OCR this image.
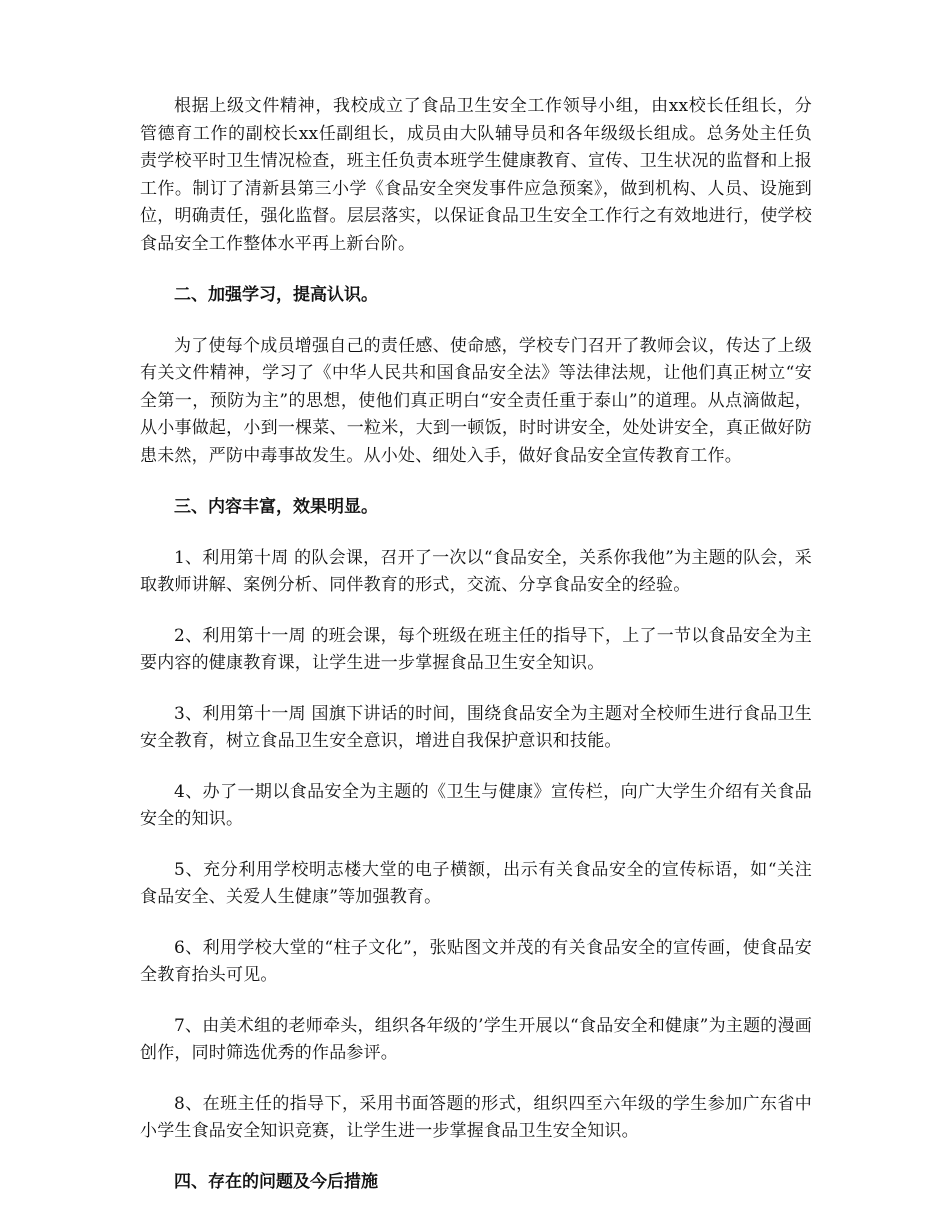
根据上级文件精神，我校成立了食品卫生安全工作领导小组，由xx校长任组长，分管德育工作的副校长xx任副组长，成员由大队辅导员和各年级级长组成。总务处主任负责学校平时卫生情况检查，班主任负责本班学生健康教育、宣传、卫生状况的监督和上报工作。制订了清新县第三小学《食品安全突发事件应急预案》，做到机构、人员、设施到位，明确责任，强化监督。层层落实，以保证食品卫生安全工作行之有效地进行，使学校食品安全工作整体水平再上新台阶。

二、加强学习，提高认识。

为了使每个成员增强自己的责任感、使命感，学校专门召开了教师会议，传达了上级有关文件精神，学习了《中华人民共和国食品安全法》等法律法规，让他们真正树立“安全第一，预防为主”的思想，使他们真正明白“安全责任重于泰山”的道理。从点滴做起，从小事做起，小到一棵菜、一粒米，大到一顿饭，时时讲安全，处处讲安全，真正做好防患未然，严防中毒事故发生。从小处、细处入手，做好食品安全宣传教育工作。

三、内容丰富，效果明显。

1、利用第十周 的队会课，召开了一次以“食品安全，关系你我他”为主题的队会，采取教师讲解、案例分析、同伴教育的形式，交流、分享食品安全的经验。

2、利用第十一周 的班会课，每个班级在班主任的指导下，上了一节以食品安全为主要内容的健康教育课，让学生进一步掌握食品卫生安全知识。

3、利用第十一周 国旗下讲话的时间，围绕食品安全为主题对全校师生进行食品卫生安全教育，树立食品卫生安全意识，增进自我保护意识和技能。

4、办了一期以食品安全为主题的《卫生与健康》宣传栏，向广大学生介绍有关食品安全的知识。

5、充分利用学校明志楼大堂的电子横额，出示有关食品安全的宣传标语，如“关注食品安全、关爱人生健康”等加强教育。

6、利用学校大堂的“柱子文化”，张贴图文并茂的有关食品安全的宣传画，使食品安全教育抬头可见。

7、由美术组的老师牵头，组织各年级的’学生开展以“食品安全和健康”为主题的漫画创作，同时筛选优秀的作品参评。

8、在班主任的指导下，采用书面答题的形式，组织四至六年级的学生参加广东省中小学生食品安全知识竞赛，让学生进一步掌握食品卫生安全知识。

四、存在的问题及今后措施
